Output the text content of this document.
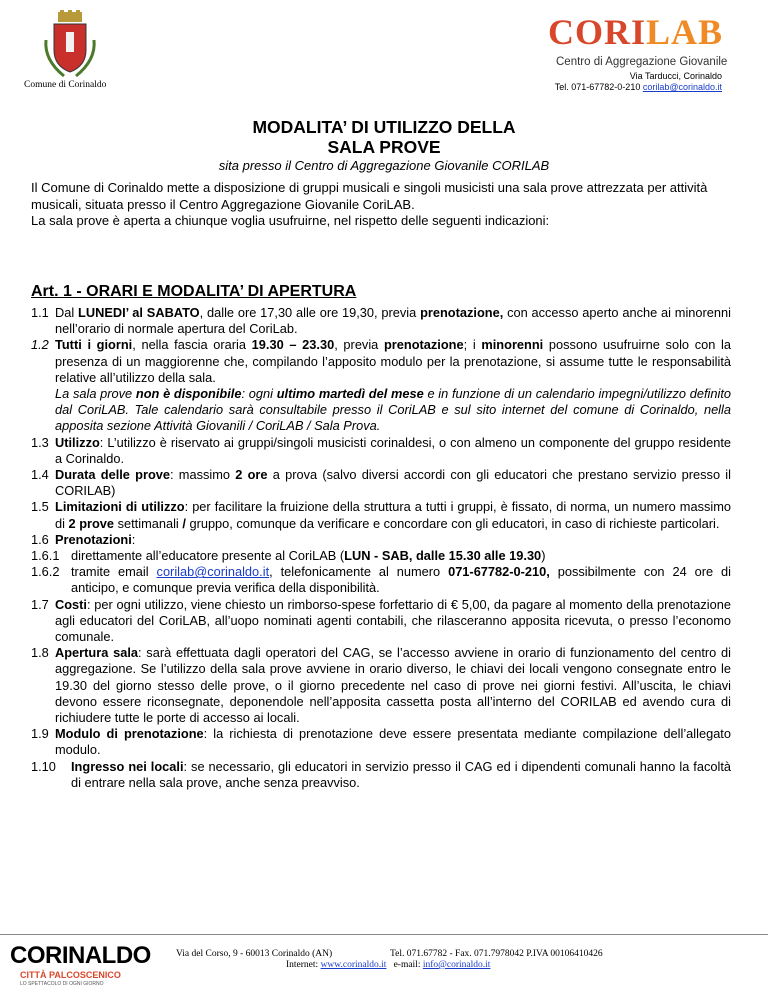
Comune di Corinaldo
CORILAB
Centro di Aggregazione Giovanile
Via Tarducci, Corinaldo
Tel. 071-67782-0-210 corilab@corinaldo.it
MODALITA’ DI UTILIZZO DELLA
SALA PROVE
sita presso il Centro di Aggregazione Giovanile CORILAB

Il Comune di Corinaldo mette a disposizione di gruppi musicali e singoli musicisti una sala prove attrezzata per attività musicali, situata presso il Centro Aggregazione Giovanile CoriLAB.

La sala prove è aperta a chiunque voglia usufruirne, nel rispetto delle seguenti indicazioni:

Art. 1 - ORARI E MODALITA’ DI APERTURA
1.1 Dal LUNEDI’ al SABATO, dalle ore 17,30 alle ore 19,30, previa prenotazione, con accesso aperto anche ai minorenni nell’orario di normale apertura del CoriLab.
1.2 Tutti i giorni, nella fascia oraria 19.30 – 23.30, previa prenotazione; i minorenni possono usufruirne solo con la presenza di un maggiorenne che, compilando l’apposito modulo per la prenotazione, si assume tutte le responsabilità relative all’utilizzo della sala.
La sala prove non è disponibile: ogni ultimo martedì del mese e in funzione di un calendario impegni/utilizzo definito dal CoriLAB. Tale calendario sarà consultabile presso il CoriLAB e sul sito internet del comune di Corinaldo, nella apposita sezione Attività Giovanili / CoriLAB / Sala Prova.
1.3 Utilizzo: L’utilizzo è riservato ai gruppi/singoli musicisti corinaldesi, o con almeno un componente del gruppo residente a Corinaldo.
1.4 Durata delle prove: massimo 2 ore a prova (salvo diversi accordi con gli educatori che prestano servizio presso il CORILAB)
1.5 Limitazioni di utilizzo: per facilitare la fruizione della struttura a tutti i gruppi, è fissato, di norma, un numero massimo di 2 prove settimanali / gruppo, comunque da verificare e concordare con gli educatori, in caso di richieste particolari.
1.6 Prenotazioni:
1.6.1 direttamente all’educatore presente al CoriLAB (LUN - SAB, dalle 15.30 alle 19.30)
1.6.2 tramite email corilab@corinaldo.it, telefonicamente al numero 071-67782-0-210, possibilmente con 24 ore di anticipo, e comunque previa verifica della disponibilità.
1.7 Costi: per ogni utilizzo, viene chiesto un rimborso-spese forfettario di € 5,00, da pagare al momento della prenotazione agli educatori del CoriLAB, all’uopo nominati agenti contabili, che rilasceranno apposita ricevuta, o presso l’economo comunale.
1.8 Apertura sala: sarà effettuata dagli operatori del CAG, se l’accesso avviene in orario di funzionamento del centro di aggregazione. Se l’utilizzo della sala prove avviene in orario diverso, le chiavi dei locali vengono consegnate entro le 19.30 del giorno stesso delle prove, o il giorno precedente nel caso di prove nei giorni festivi. All’uscita, le chiavi devono essere riconsegnate, deponendole nell’apposita cassetta posta all’interno del CORILAB ed avendo cura di richiudere tutte le porte di accesso ai locali.
1.9 Modulo di prenotazione: la richiesta di prenotazione deve essere presentata mediante compilazione dell’allegato modulo.
1.10	Ingresso nei locali: se necessario, gli educatori in servizio presso il CAG ed i dipendenti comunali hanno la facoltà di entrare nella sala prove, anche senza preavviso.
CORINALDO
CITTÀ PALCOSCENICO
LO SPETTACOLO DI OGNI GIORNO
Via del Corso, 9 - 60013 Corinaldo (AN)	Tel. 071.67782 - Fax. 071.7978042 P.IVA 00106410426
Internet: www.corinaldo.it   e-mail: info@corinaldo.it
